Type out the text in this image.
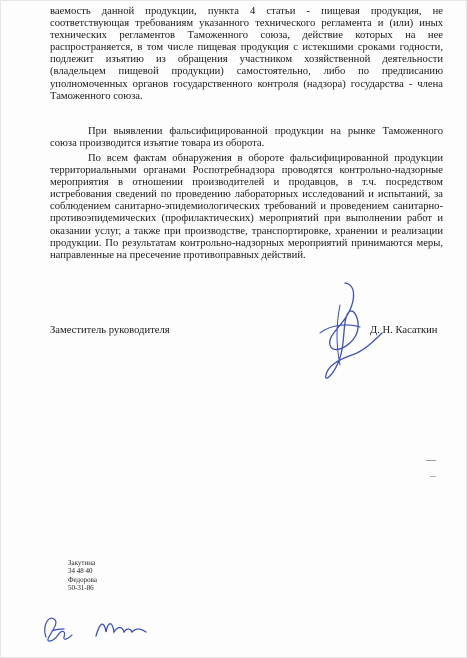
ваемость данной продукции, пункта 4 статьи - пищевая продукция, не соответствующая требованиям указанного технического регламента и (или) иных технических регламентов Таможенного союза, действие которых на нее распространяется, в том числе пищевая продукция с истекшими сроками годности, подлежит изъятию из обращения участником хозяйственной деятельности (владельцем пищевой продукции) самостоятельно, либо по предписанию уполномоченных органов государственного контроля (надзора) государства - члена Таможенного союза.

При выявлении фальсифицированной продукции на рынке Таможенного союза производится изъятие товара из оборота.

По всем фактам обнаружения в обороте фальсифицированной продукции территориальными органами Роспотребнадзора проводятся контрольно-надзорные мероприятия в отношении производителей и продавцов, в т.ч. посредством истребования сведений по проведению лабораторных исследований и испытаний, за соблюдением санитарно-эпидемиологических требований и проведением санитарно-противоэпидемических (профилактических) мероприятий при выполнении работ и оказании услуг, а также при производстве, транспортировке, хранении и реализации продукции. По результатам контрольно-надзорных мероприятий принимаются меры, направленные на пресечение противоправных действий.

Заместитель руководителя	Д. Н. Касаткин
Закутина
34 48 40
Федорова
50-31-86
